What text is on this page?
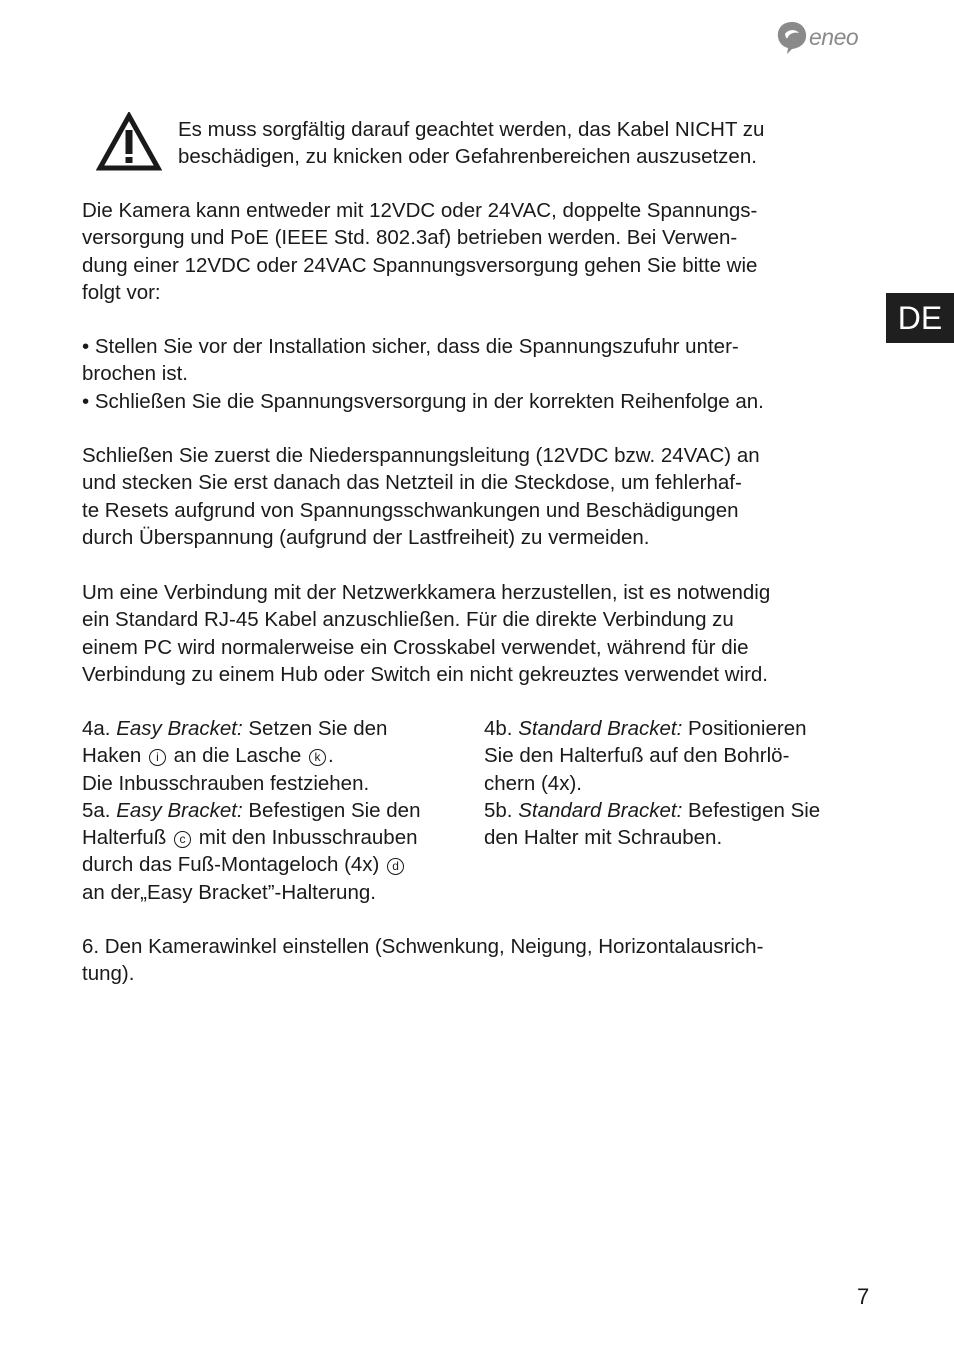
eneo
DE
Es muss sorgfältig darauf geachtet werden, das Kabel NICHT zu
beschädigen, zu knicken oder Gefahrenbereichen auszusetzen.

Die Kamera kann entweder mit 12VDC oder 24VAC, doppelte Spannungs-

versorgung und PoE (IEEE Std. 802.3af) betrieben werden. Bei Verwen-

dung einer 12VDC oder 24VAC Spannungsversorgung gehen Sie bitte wie

folgt vor:

• Stellen Sie vor der Installation sicher, dass die Spannungszufuhr unter-

brochen ist.

• Schließen Sie die Spannungsversorgung in der korrekten Reihenfolge an.

Schließen Sie zuerst die Niederspannungsleitung (12VDC bzw. 24VAC) an

und stecken Sie erst danach das Netzteil in die Steckdose, um fehlerhaf-

te Resets aufgrund von Spannungsschwankungen und Beschädigungen

durch Überspannung (aufgrund der Lastfreiheit) zu vermeiden.

Um eine Verbindung mit der Netzwerkkamera herzustellen, ist es notwendig

ein Standard RJ-45 Kabel anzuschließen. Für die direkte Verbindung zu

einem PC wird normalerweise ein Crosskabel verwendet, während für die

Verbindung zu einem Hub oder Switch ein nicht gekreuztes verwendet wird.

4a. Easy Bracket: Setzen Sie den

Haken i an die Lasche k .

Die Inbusschrauben festziehen.

5a. Easy Bracket: Befestigen Sie den

Halterfuß c mit den Inbusschrauben

durch das Fuß-Montageloch (4x) d

an der„Easy Bracket”-Halterung.

4b. Standard Bracket: Positionieren

Sie den Halterfuß auf den Bohrlö-

chern (4x).

5b. Standard Bracket: Befestigen Sie

den Halter mit Schrauben.

6. Den Kamerawinkel einstellen (Schwenkung, Neigung, Horizontalausrich-

tung).

7
